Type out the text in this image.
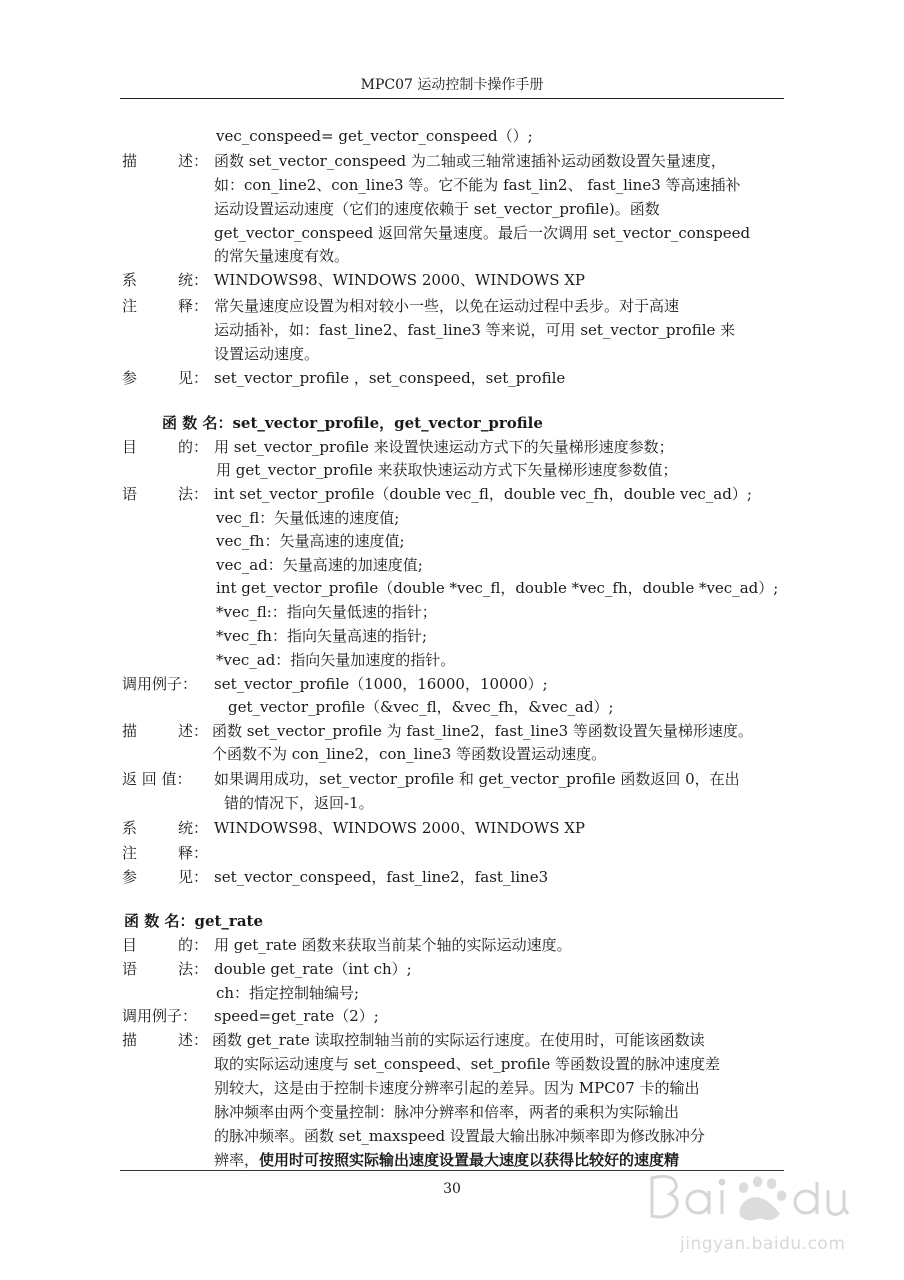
MPC07 运动控制卡操作手册
vec_conspeed= get_vector_conspeed（）;
描	述： 函数 set_vector_conspeed 为二轴或三轴常速插补运动函数设置矢量速度，
如：con_line2、con_line3 等。它不能为 fast_lin2、 fast_line3 等高速插补
运动设置运动速度（它们的速度依赖于 set_vector_profile)。函数
get_vector_conspeed 返回常矢量速度。最后一次调用 set_vector_conspeed
的常矢量速度有效。
系	统： WINDOWS98、WINDOWS 2000、WINDOWS XP
注	释： 常矢量速度应设置为相对较小一些，以免在运动过程中丢步。对于高速
运动插补，如：fast_line2、fast_line3 等来说，可用 set_vector_profile 来
设置运动速度。
参	见： set_vector_profile ，set_conspeed，set_profile
函 数 名：set_vector_profile，get_vector_profile
目	的： 用 set_vector_profile 来设置快速运动方式下的矢量梯形速度参数；
用 get_vector_profile 来获取快速运动方式下矢量梯形速度参数值；
语	法： int set_vector_profile（double vec_fl，double vec_fh，double vec_ad）;
vec_fl：矢量低速的速度值;
vec_fh：矢量高速的速度值;
vec_ad：矢量高速的加速度值;
int get_vector_profile（double *vec_fl，double *vec_fh，double *vec_ad）;
*vec_fl:：指向矢量低速的指针；
*vec_fh：指向矢量高速的指针;
*vec_ad：指向矢量加速度的指针。
调用例子： set_vector_profile（1000，16000，10000）;
get_vector_profile（&vec_fl，&vec_fh，&vec_ad）;
描	述： 函数 set_vector_profile 为 fast_line2，fast_line3 等函数设置矢量梯形速度。
个函数不为 con_line2，con_line3 等函数设置运动速度。
返 回 值： 如果调用成功，set_vector_profile 和 get_vector_profile 函数返回 0，在出
错的情况下，返回-1。
系	统： WINDOWS98、WINDOWS 2000、WINDOWS XP
注	释：
参	见： set_vector_conspeed，fast_line2，fast_line3
函 数 名：get_rate
目	的： 用 get_rate 函数来获取当前某个轴的实际运动速度。
语	法： double get_rate（int ch）;
ch：指定控制轴编号;
调用例子： speed=get_rate（2）;
描	述： 函数 get_rate 读取控制轴当前的实际运行速度。在使用时，可能该函数读
取的实际运动速度与 set_conspeed、set_profile 等函数设置的脉冲速度差
别较大，这是由于控制卡速度分辨率引起的差异。因为 MPC07 卡的输出
脉冲频率由两个变量控制：脉冲分辨率和倍率，两者的乘积为实际输出
的脉冲频率。函数 set_maxspeed 设置最大输出脉冲频率即为修改脉冲分
辨率，使用时可按照实际输出速度设置最大速度以获得比较好的速度精
30
jingyan.baidu.com
